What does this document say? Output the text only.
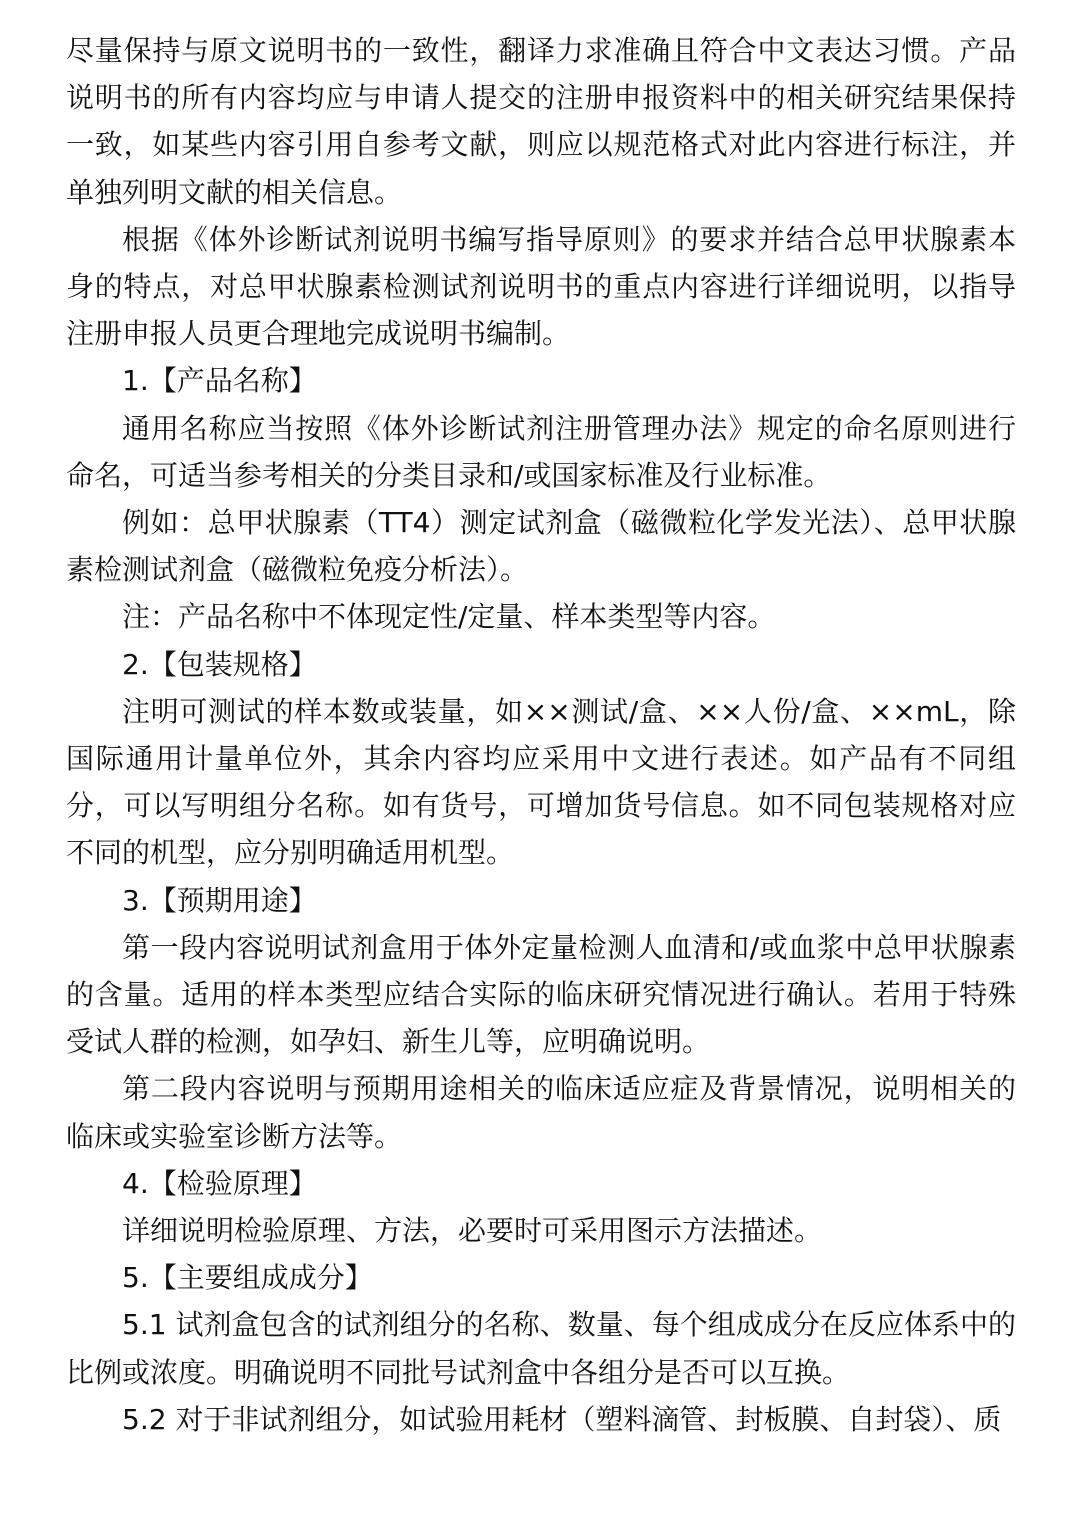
尽量保持与原文说明书的一致性，翻译力求准确且符合中文表达习惯。产品说明书的所有内容均应与申请人提交的注册申报资料中的相关研究结果保持一致，如某些内容引用自参考文献，则应以规范格式对此内容进行标注，并单独列明文献的相关信息。

根据《体外诊断试剂说明书编写指导原则》的要求并结合总甲状腺素本身的特点，对总甲状腺素检测试剂说明书的重点内容进行详细说明，以指导注册申报人员更合理地完成说明书编制。

1.【产品名称】

通用名称应当按照《体外诊断试剂注册管理办法》规定的命名原则进行命名，可适当参考相关的分类目录和/或国家标准及行业标准。

例如：总甲状腺素（TT4）测定试剂盒（磁微粒化学发光法）、总甲状腺素检测试剂盒（磁微粒免疫分析法）。

注：产品名称中不体现定性/定量、样本类型等内容。

2.【包装规格】

注明可测试的样本数或装量，如××测试/盒、××人份/盒、××mL，除国际通用计量单位外，其余内容均应采用中文进行表述。如产品有不同组分，可以写明组分名称。如有货号，可增加货号信息。如不同包装规格对应不同的机型，应分别明确适用机型。

3.【预期用途】

第一段内容说明试剂盒用于体外定量检测人血清和/或血浆中总甲状腺素的含量。适用的样本类型应结合实际的临床研究情况进行确认。若用于特殊受试人群的检测，如孕妇、新生儿等，应明确说明。

第二段内容说明与预期用途相关的临床适应症及背景情况，说明相关的临床或实验室诊断方法等。

4.【检验原理】

详细说明检验原理、方法，必要时可采用图示方法描述。

5.【主要组成成分】

5.1 试剂盒包含的试剂组分的名称、数量、每个组成成分在反应体系中的比例或浓度。明确说明不同批号试剂盒中各组分是否可以互换。

5.2 对于非试剂组分，如试验用耗材（塑料滴管、封板膜、自封袋）、质
